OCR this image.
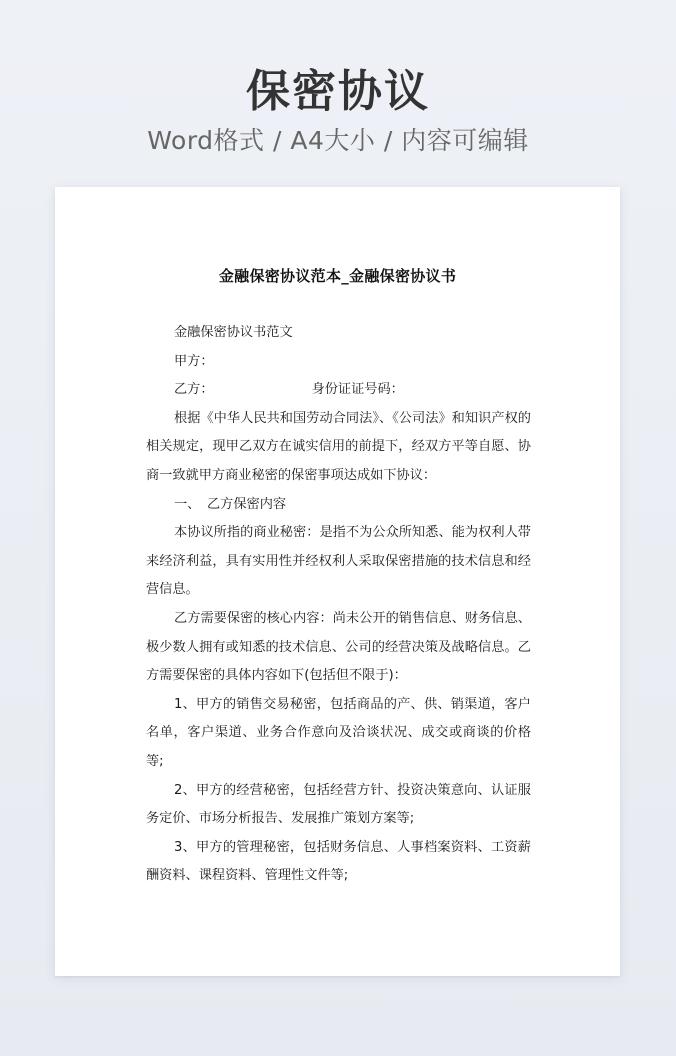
保密协议
Word格式 / A4大小 / 内容可编辑
金融保密协议范本_金融保密协议书

金融保密协议书范文

甲方：

乙方：	身份证证号码：

根据《中华人民共和国劳动合同法》、《公司法》和知识产权的相关规定，现甲乙双方在诚实信用的前提下，经双方平等自愿、协商一致就甲方商业秘密的保密事项达成如下协议：

一、　乙方保密内容

本协议所指的商业秘密：是指不为公众所知悉、能为权利人带来经济利益，具有实用性并经权利人采取保密措施的技术信息和经营信息。

乙方需要保密的核心内容：尚未公开的销售信息、财务信息、极少数人拥有或知悉的技术信息、公司的经营决策及战略信息。乙方需要保密的具体内容如下(包括但不限于)：

1、甲方的销售交易秘密，包括商品的产、供、销渠道，客户名单，客户渠道、业务合作意向及洽谈状况、成交或商谈的价格等;

2、甲方的经营秘密，包括经营方针、投资决策意向、认证服务定价、市场分析报告、发展推广策划方案等;

3、甲方的管理秘密，包括财务信息、人事档案资料、工资薪酬资料、课程资料、管理性文件等;
